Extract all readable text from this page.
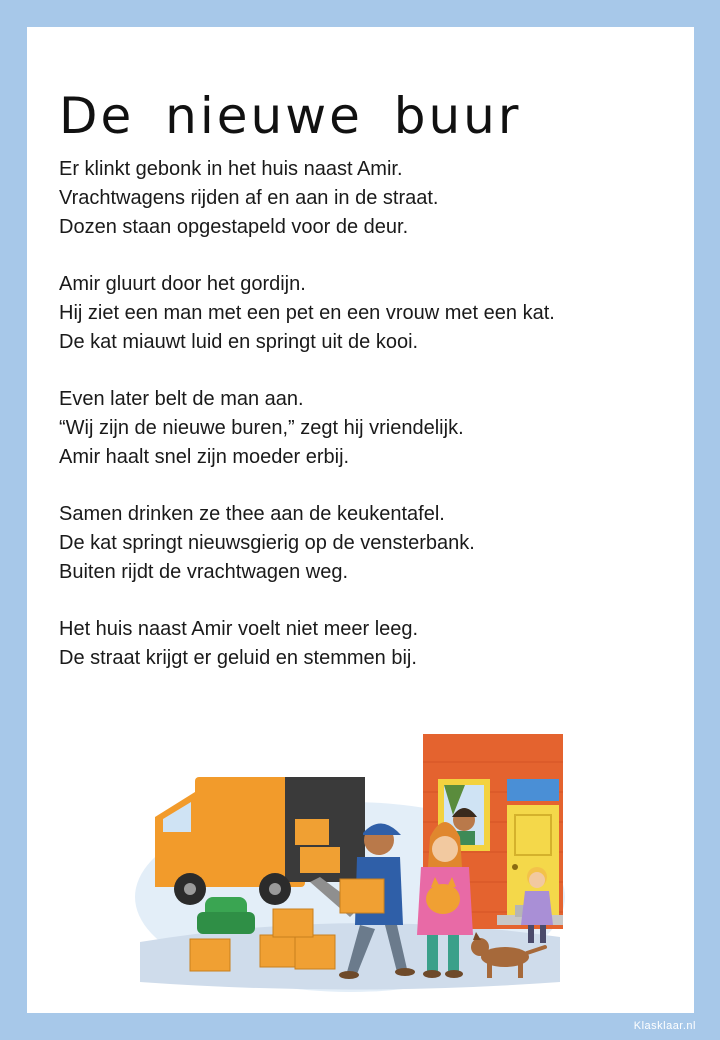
De nieuwe buur

Er klinkt gebonk in het huis naast Amir.
Vrachtwagens rijden af en aan in de straat.
Dozen staan opgestapeld voor de deur.

Amir gluurt door het gordijn.
Hij ziet een man met een pet en een vrouw met een kat.
De kat miauwt luid en springt uit de kooi.

Even later belt de man aan.
“Wij zijn de nieuwe buren,” zegt hij vriendelijk.
Amir haalt snel zijn moeder erbij.

Samen drinken ze thee aan de keukentafel.
De kat springt nieuwsgierig op de vensterbank.
Buiten rijdt de vrachtwagen weg.

Het huis naast Amir voelt niet meer leeg.
De straat krijgt er geluid en stemmen bij.

Klasklaar.nl
